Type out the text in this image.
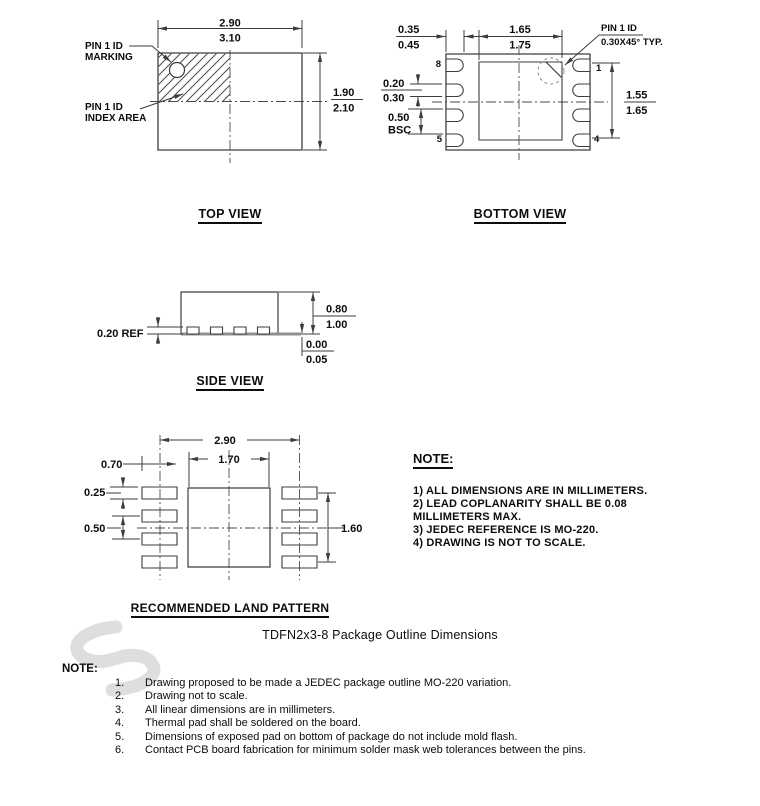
2.90
3.10
1.90
2.10
PIN 1 ID
MARKING
PIN 1 ID
INDEX AREA
TOP VIEW
8
5
1
4
0.35
0.45
1.65
1.75
PIN 1 ID
0.30X45° TYP.
0.20
0.30
0.50
BSC
1.55
1.65
BOTTOM VIEW
0.20 REF
0.80
1.00
0.00
0.05
SIDE VIEW
2.90
1.70
0.70
0.25
0.50	1.60
RECOMMENDED LAND PATTERN
NOTE:
1) ALL DIMENSIONS ARE IN MILLIMETERS.
2) LEAD COPLANARITY SHALL BE 0.08
MILLIMETERS MAX.
3) JEDEC REFERENCE IS MO-220.
4) DRAWING IS NOT TO SCALE.
TDFN2x3-8 Package Outline Dimensions
NOTE:
Drawing proposed to be made a JEDEC package outline MO-220 variation.
Drawing not to scale.
All linear dimensions are in millimeters.
Thermal pad shall be soldered on the board.
Dimensions of exposed pad on bottom of package do not include mold flash.
Contact PCB board fabrication for minimum solder mask web tolerances between the pins.
